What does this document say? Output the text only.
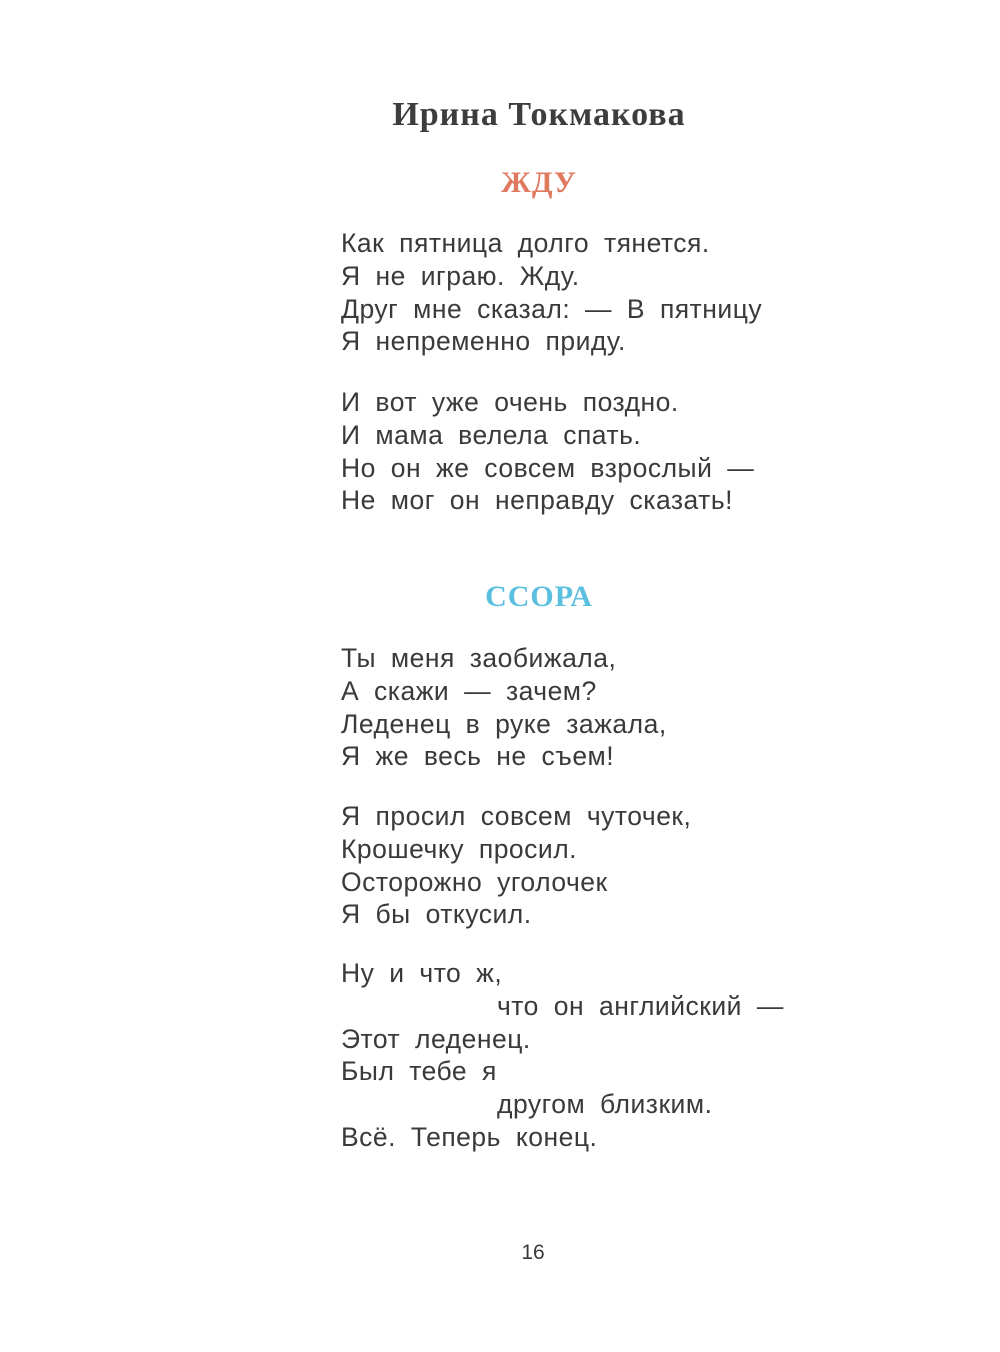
Ирина Токмакова
ЖДУ
Как пятница долго тянется.
Я не играю. Жду.
Друг мне сказал: — В пятницу
Я непременно приду.
И вот уже очень поздно.
И мама велела спать.
Но он же совсем взрослый —
Не мог он неправду сказать!
ССОРА
Ты меня заобижала,
А скажи — зачем?
Леденец в руке зажала,
Я же весь не съем!
Я просил совсем чуточек,
Крошечку просил.
Осторожно уголочек
Я бы откусил.
Ну и что ж,
что он английский —
Этот леденец.
Был тебе я
другом близким.
Всё. Теперь конец.

16
